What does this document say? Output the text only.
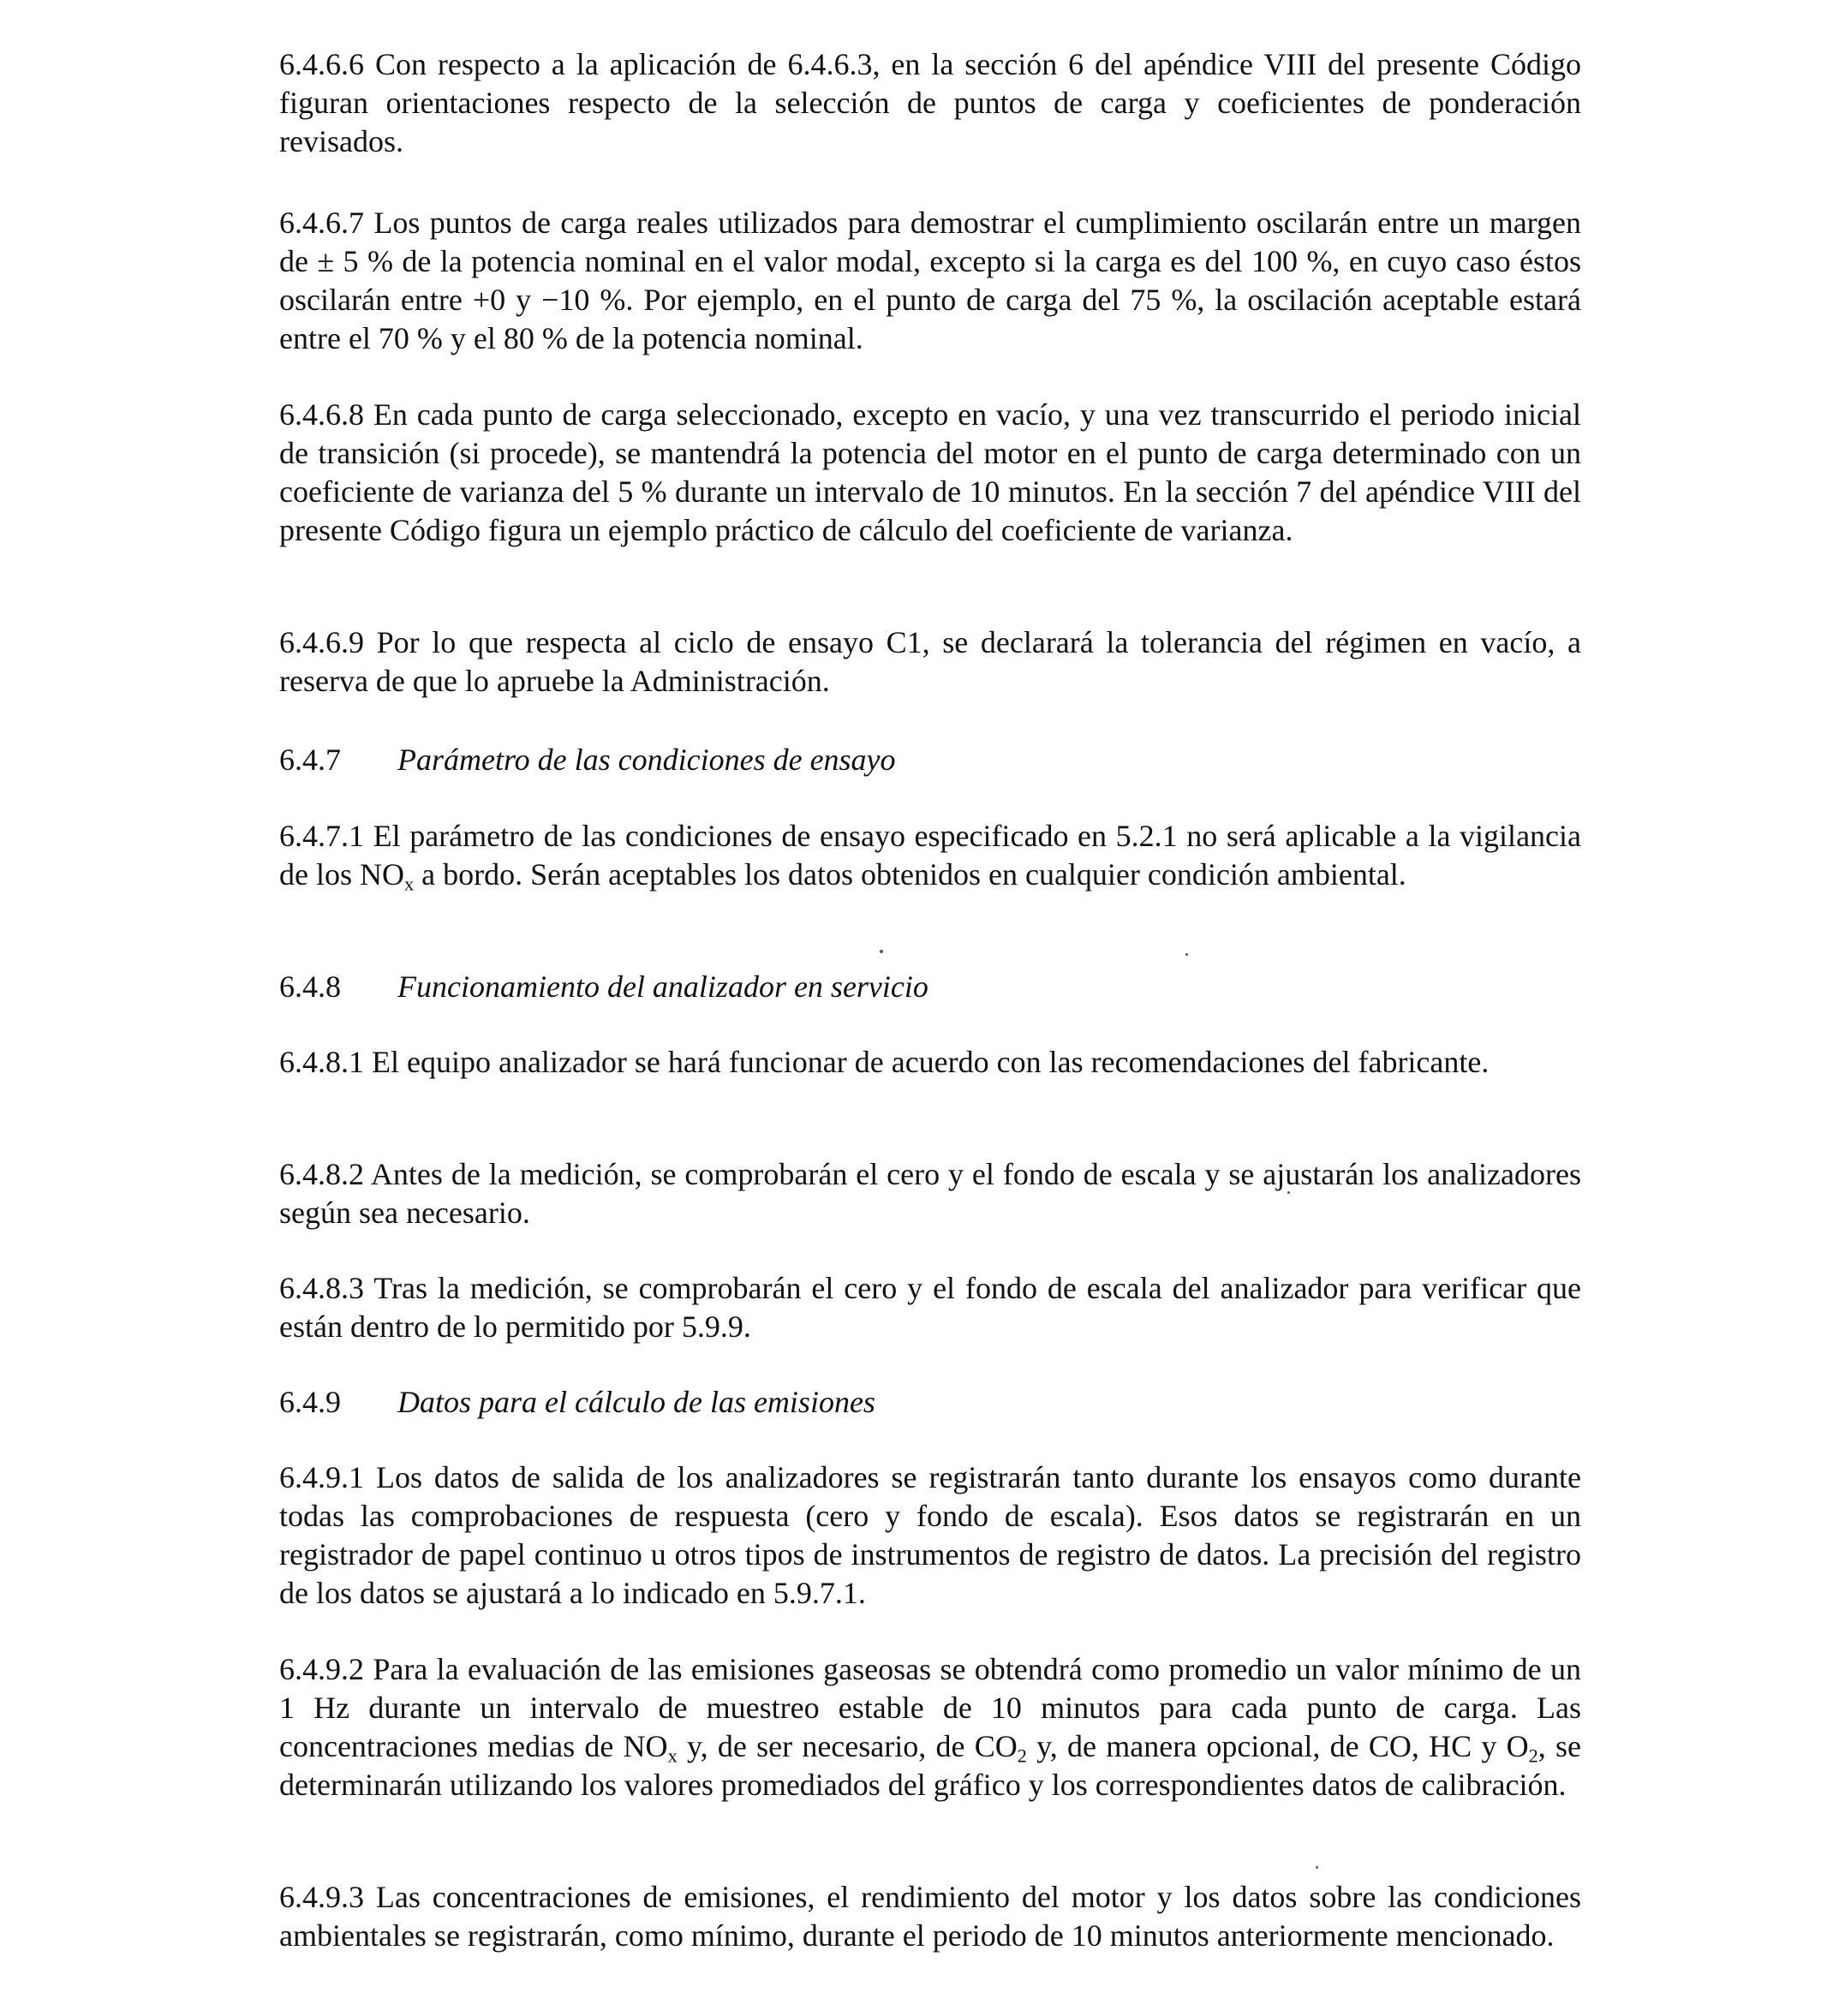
6.4.6.6 Con respecto a la aplicación de 6.4.6.3, en la sección 6 del apéndice VIII del presente Código figuran orientaciones respecto de la selección de puntos de carga y coeficientes de ponderación revisados.

6.4.6.7 Los puntos de carga reales utilizados para demostrar el cumplimiento oscilarán entre un margen de ± 5 % de la potencia nominal en el valor modal, excepto si la carga es del 100 %, en cuyo caso éstos oscilarán entre +0 y −10 %. Por ejemplo, en el punto de carga del 75 %, la oscilación aceptable estará entre el 70 % y el 80 % de la potencia nominal.

6.4.6.8 En cada punto de carga seleccionado, excepto en vacío, y una vez transcurrido el periodo inicial de transición (si procede), se mantendrá la potencia del motor en el punto de carga determinado con un coeficiente de varianza del 5 % durante un intervalo de 10 minutos. En la sección 7 del apéndice VIII del presente Código figura un ejemplo práctico de cálculo del coeficiente de varianza.

6.4.6.9 Por lo que respecta al ciclo de ensayo C1, se declarará la tolerancia del régimen en vacío, a reserva de que lo apruebe la Administración.

6.4.7 Parámetro de las condiciones de ensayo

6.4.7.1 El parámetro de las condiciones de ensayo especificado en 5.2.1 no será aplicable a la vigilancia de los $NO_x$ a bordo. Serán aceptables los datos obtenidos en cualquier condición ambiental.

6.4.8 Funcionamiento del analizador en servicio

6.4.8.1 El equipo analizador se hará funcionar de acuerdo con las recomendaciones del fabricante.

6.4.8.2 Antes de la medición, se comprobarán el cero y el fondo de escala y se ajustarán los analizadores según sea necesario.

6.4.8.3 Tras la medición, se comprobarán el cero y el fondo de escala del analizador para verificar que están dentro de lo permitido por 5.9.9.

6.4.9 Datos para el cálculo de las emisiones

6.4.9.1 Los datos de salida de los analizadores se registrarán tanto durante los ensayos como durante todas las comprobaciones de respuesta (cero y fondo de escala). Esos datos se registrarán en un registrador de papel continuo u otros tipos de instrumentos de registro de datos. La precisión del registro de los datos se ajustará a lo indicado en 5.9.7.1.

6.4.9.2 Para la evaluación de las emisiones gaseosas se obtendrá como promedio un valor mínimo de un 1 Hz durante un intervalo de muestreo estable de 10 minutos para cada punto de carga. Las concentraciones medias de $NO_x$ y, de ser necesario, de $CO_2$ y, de manera opcional, de CO, HC y $O_2$, se determinarán utilizando los valores promediados del gráfico y los correspondientes datos de calibración.

6.4.9.3 Las concentraciones de emisiones, el rendimiento del motor y los datos sobre las condiciones ambientales se registrarán, como mínimo, durante el periodo de 10 minutos anteriormente mencionado.
